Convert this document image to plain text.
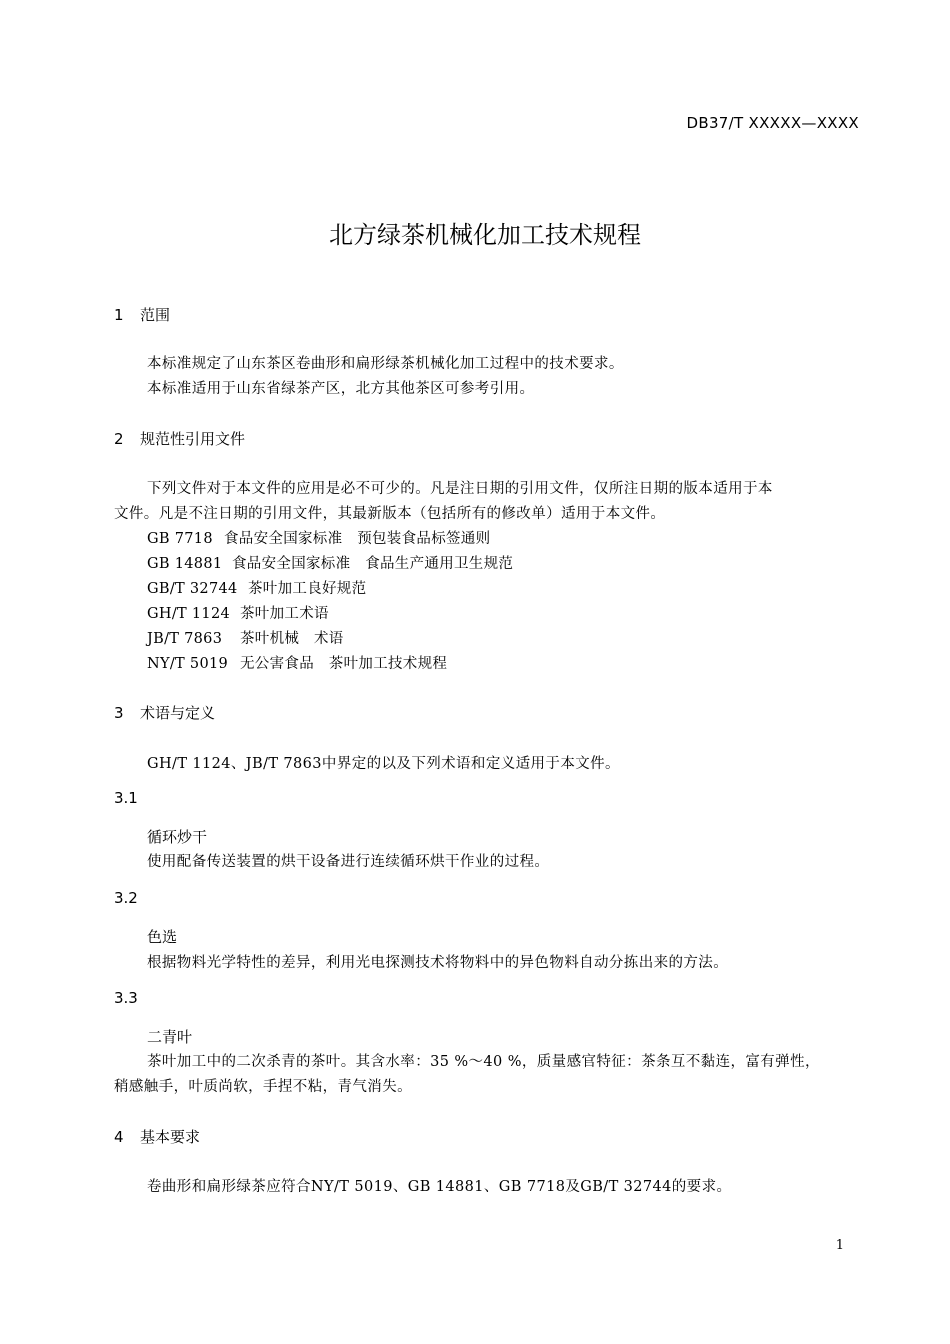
DB37/T XXXXX—XXXX
北方绿茶机械化加工技术规程
1 范围
本标准规定了山东茶区卷曲形和扁形绿茶机械化加工过程中的技术要求。
本标准适用于山东省绿茶产区，北方其他茶区可参考引用。
2 规范性引用文件
下列文件对于本文件的应用是必不可少的。凡是注日期的引用文件，仅所注日期的版本适用于本
文件。凡是不注日期的引用文件，其最新版本（包括所有的修改单）适用于本文件。
GB 7718 食品安全国家标准　预包装食品标签通则
GB 14881 食品安全国家标准　食品生产通用卫生规范
GB/T 32744 茶叶加工良好规范
GH/T 1124 茶叶加工术语
JB/T 7863 茶叶机械　术语
NY/T 5019 无公害食品　茶叶加工技术规程
3 术语与定义
GH/T 1124、JB/T 7863中界定的以及下列术语和定义适用于本文件。
3.1
循环炒干
使用配备传送装置的烘干设备进行连续循环烘干作业的过程。
3.2
色选
根据物料光学特性的差异，利用光电探测技术将物料中的异色物料自动分拣出来的方法。
3.3
二青叶
茶叶加工中的二次杀青的茶叶。其含水率：35 %～40 %，质量感官特征：茶条互不黏连，富有弹性，
稍感触手，叶质尚软，手捏不粘，青气消失。
4 基本要求
卷曲形和扁形绿茶应符合NY/T 5019、GB 14881、GB 7718及GB/T 32744的要求。
1
